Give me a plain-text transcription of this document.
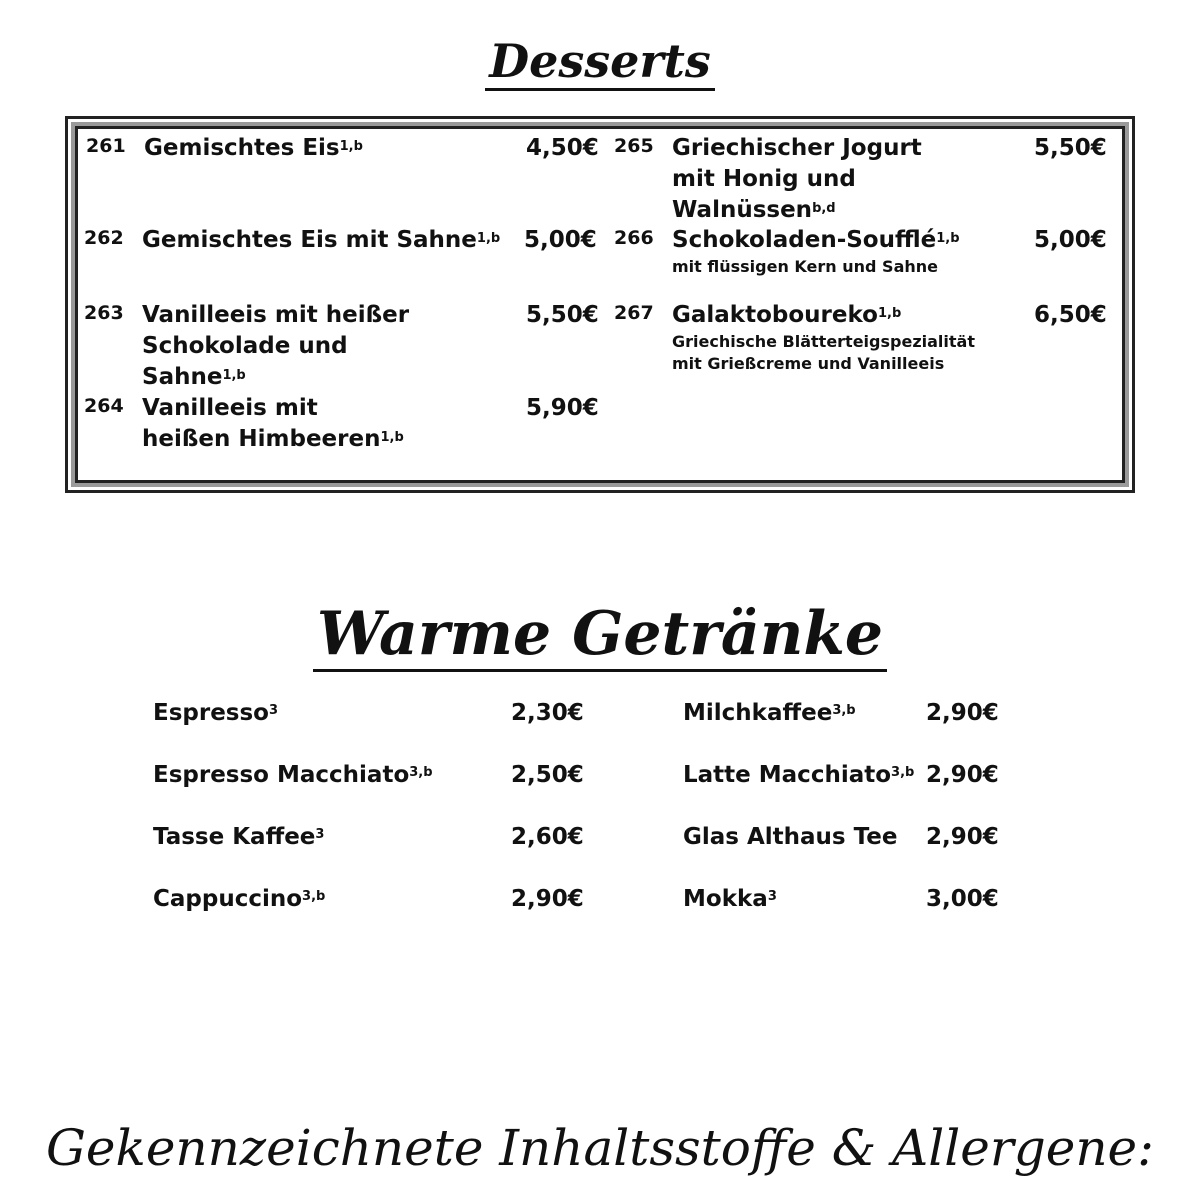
Desserts
261 Gemischtes Eis$^{1,b}$	4,50€
262 Gemischtes Eis mit Sahne$^{1,b}$	5,00€
263 Vanilleeis mit heißer Schokolade und Sahne$^{1,b}$
5,50€
264 Vanilleeis mit heißen Himbeeren$^{1,b}$
5,90€
265 Griechischer Jogurt mit Honig und Walnüssen$^{b,d}$
5,50€
266 Schokoladen-Soufflé$^{1,b}$
mit flüssigen Kern und Sahne
5,00€
267 Galaktoboureko$^{1,b}$
Griechische Blätterteigspezialität mit Grießcreme und Vanilleeis
6,50€
Warme Getränke
Espresso$^3$	2,30€
Espresso Macchiato$^{3,b}$	2,50€
Tasse Kaffee$^3$	2,60€
Cappuccino$^{3,b}$	2,90€
Milchkaffee$^{3,b}$	2,90€
Latte Macchiato$^{3,b}$ 2,90€
Glas Althaus Tee 2,90€
Mokka$^3$	3,00€
Gekennzeichnete Inhaltsstoffe & Allergene:
